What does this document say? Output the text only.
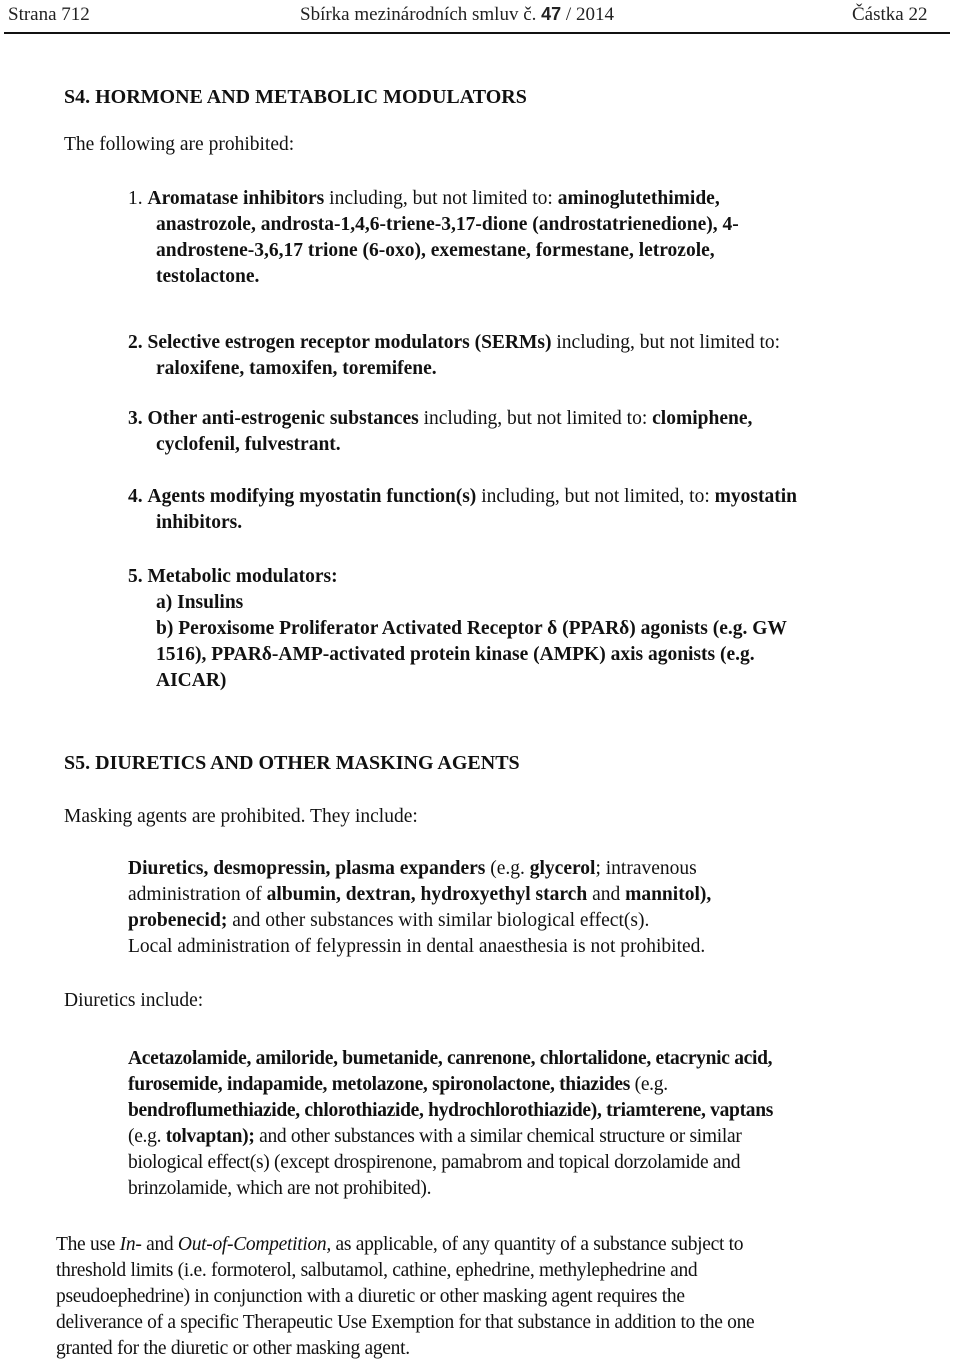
Strana 712	Sbírka mezinárodních smluv č. 47 / 2014	Částka 22
S4. HORMONE AND METABOLIC MODULATORS
The following are prohibited:
1. Aromatase inhibitors including, but not limited to: aminoglutethimide,
anastrozole, androsta-1,4,6-triene-3,17-dione (androstatrienedione), 4-
androstene-3,6,17 trione (6-oxo), exemestane, formestane, letrozole,
testolactone.
2. Selective estrogen receptor modulators (SERMs) including, but not limited to:
raloxifene, tamoxifen, toremifene.
3. Other anti-estrogenic substances including, but not limited to: clomiphene,
cyclofenil, fulvestrant.
4. Agents modifying myostatin function(s) including, but not limited, to: myostatin
inhibitors.
5. Metabolic modulators:
a) Insulins
b) Peroxisome Proliferator Activated Receptor δ (PPARδ) agonists (e.g. GW
1516), PPARδ-AMP-activated protein kinase (AMPK) axis agonists (e.g.
AICAR)
S5. DIURETICS AND OTHER MASKING AGENTS
Masking agents are prohibited. They include:
Diuretics, desmopressin, plasma expanders (e.g. glycerol; intravenous
administration of albumin, dextran, hydroxyethyl starch and mannitol),
probenecid; and other substances with similar biological effect(s).
Local administration of felypressin in dental anaesthesia is not prohibited.
Diuretics include:
Acetazolamide, amiloride, bumetanide, canrenone, chlortalidone, etacrynic acid,
furosemide, indapamide, metolazone, spironolactone, thiazides (e.g.
bendroflumethiazide, chlorothiazide, hydrochlorothiazide), triamterene, vaptans
(e.g. tolvaptan); and other substances with a similar chemical structure or similar
biological effect(s) (except drospirenone, pamabrom and topical dorzolamide and
brinzolamide, which are not prohibited).
The use In- and Out-of-Competition, as applicable, of any quantity of a substance subject to
threshold limits (i.e. formoterol, salbutamol, cathine, ephedrine, methylephedrine and
pseudoephedrine) in conjunction with a diuretic or other masking agent requires the
deliverance of a specific Therapeutic Use Exemption for that substance in addition to the one
granted for the diuretic or other masking agent.
